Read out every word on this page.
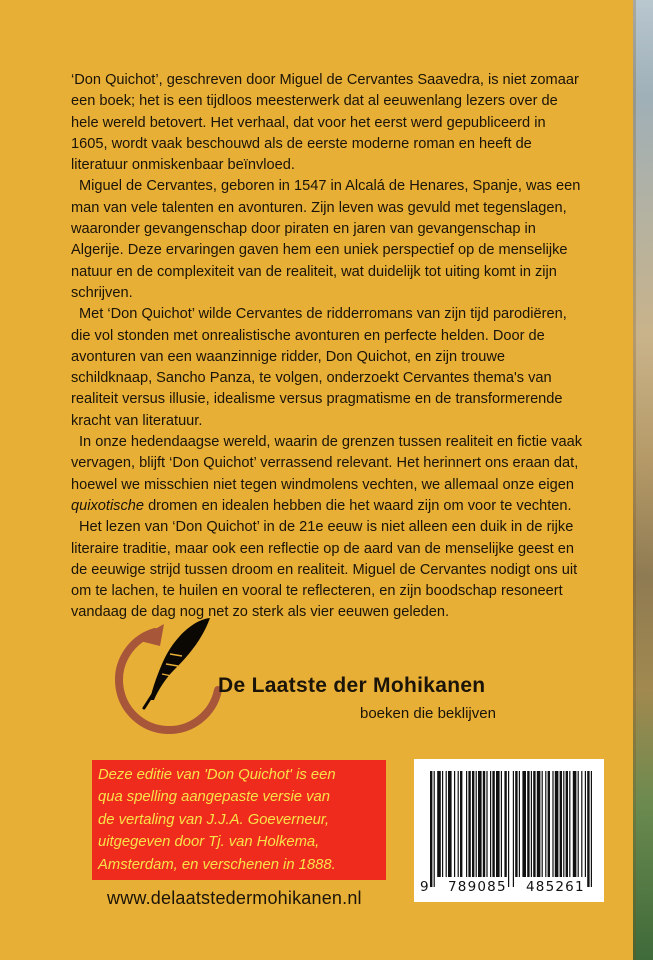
‘Don Quichot’, geschreven door Miguel de Cervantes Saavedra, is niet zomaar een boek; het is een tijdloos meesterwerk dat al eeuwenlang lezers over de hele wereld betovert. Het verhaal, dat voor het eerst werd gepubliceerd in 1605, wordt vaak beschouwd als de eerste moderne roman en heeft de literatuur onmiskenbaar beïnvloed.

Miguel de Cervantes, geboren in 1547 in Alcalá de Henares, Spanje, was een man van vele talenten en avonturen. Zijn leven was gevuld met tegenslagen, waaronder gevangenschap door piraten en jaren van gevangenschap in Algerije. Deze ervaringen gaven hem een uniek perspectief op de menselijke natuur en de complexiteit van de realiteit, wat duidelijk tot uiting komt in zijn schrijven.

Met ‘Don Quichot’ wilde Cervantes de ridderromans van zijn tijd parodiëren, die vol stonden met onrealistische avonturen en perfecte helden. Door de avonturen van een waanzinnige ridder, Don Quichot, en zijn trouwe schildknaap, Sancho Panza, te volgen, onderzoekt Cervantes thema's van realiteit versus illusie, idealisme versus pragmatisme en de transformerende kracht van literatuur.

In onze hedendaagse wereld, waarin de grenzen tussen realiteit en fictie vaak vervagen, blijft ‘Don Quichot’ verrassend relevant. Het herinnert ons eraan dat, hoewel we misschien niet tegen windmolens vechten, we allemaal onze eigen quixotische dromen en idealen hebben die het waard zijn om voor te vechten.

Het lezen van ‘Don Quichot’ in de 21e eeuw is niet alleen een duik in de rijke literaire traditie, maar ook een reflectie op de aard van de menselijke geest en de eeuwige strijd tussen droom en realiteit. Miguel de Cervantes nodigt ons uit om te lachen, te huilen en vooral te reflecteren, en zijn boodschap resoneert vandaag de dag nog net zo sterk als vier eeuwen geleden.

De Laatste der Mohikanen
boeken die beklijven
Deze editie van 'Don Quichot' is een
qua spelling aangepaste versie van
de vertaling van J.J.A. Goeverneur,
uitgegeven door Tj. van Holkema,
Amsterdam, en verschenen in 1888.
www.delaatstedermohikanen.nl
9 789085 485261
